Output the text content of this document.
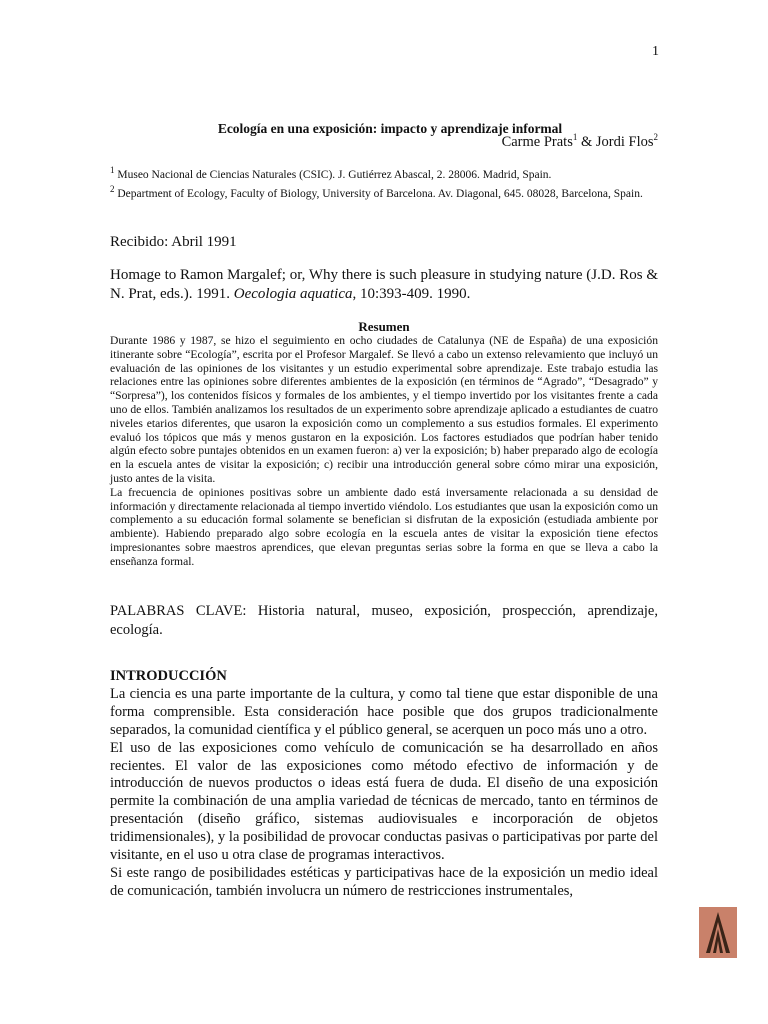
1
Ecología en una exposición: impacto y aprendizaje informal
Carme Prats$^1$ & Jordi Flos$^2$
$^1$ Museo Nacional de Ciencias Naturales (CSIC). J. Gutiérrez Abascal, 2. 28006. Madrid, Spain.
$^2$ Department of Ecology, Faculty of Biology, University of Barcelona. Av. Diagonal, 645. 08028, Barcelona, Spain.
Recibido: Abril 1991
Homage to Ramon Margalef; or, Why there is such pleasure in studying nature (J.D. Ros & N. Prat, eds.). 1991. Oecologia aquatica, 10:393-409. 1990.
Resumen

Durante 1986 y 1987, se hizo el seguimiento en ocho ciudades de Catalunya (NE de España) de una exposición itinerante sobre “Ecología”, escrita por el Profesor Margalef. Se llevó a cabo un extenso relevamiento que incluyó un evaluación de las opiniones de los visitantes y un estudio experimental sobre aprendizaje. Este trabajo estudia las relaciones entre las opiniones sobre diferentes ambientes de la exposición (en términos de “Agrado”, “Desagrado” y “Sorpresa”), los contenidos físicos y formales de los ambientes, y el tiempo invertido por los visitantes frente a cada uno de ellos. También analizamos los resultados de un experimento sobre aprendizaje aplicado a estudiantes de cuatro niveles etarios diferentes, que usaron la exposición como un complemento a sus estudios formales. El experimento evaluó los tópicos que más y menos gustaron en la exposición. Los factores estudiados que podrían haber tenido algún efecto sobre puntajes obtenidos en un examen fueron: a) ver la exposición; b) haber preparado algo de ecología en la escuela antes de visitar la exposición; c) recibir una introducción general sobre cómo mirar una exposición, justo antes de la visita.

La frecuencia de opiniones positivas sobre un ambiente dado está inversamente relacionada a su densidad de información y directamente relacionada al tiempo invertido viéndolo. Los estudiantes que usan la exposición como un complemento a su educación formal solamente se benefician si disfrutan de la exposición (estudiada ambiente por ambiente). Habiendo preparado algo sobre ecología en la escuela antes de visitar la exposición tiene efectos impresionantes sobre maestros aprendices, que elevan preguntas serias sobre la forma en que se lleva a cabo la enseñanza formal.

PALABRAS CLAVE: Historia natural, museo, exposición, prospección, aprendizaje, ecología.
INTRODUCCIÓN

La ciencia es una parte importante de la cultura, y como tal tiene que estar disponible de una forma comprensible. Esta consideración hace posible que dos grupos tradicionalmente separados, la comunidad científica y el público general, se acerquen un poco más uno a otro.

El uso de las exposiciones como vehículo de comunicación se ha desarrollado en años recientes. El valor de las exposiciones como método efectivo de información y de introducción de nuevos productos o ideas está fuera de duda. El diseño de una exposición permite la combinación de una amplia variedad de técnicas de mercado, tanto en términos de presentación (diseño gráfico, sistemas audiovisuales e incorporación de objetos tridimensionales), y la posibilidad de provocar conductas pasivas o participativas por parte del visitante, en el uso u otra clase de programas interactivos.

Si este rango de posibilidades estéticas y participativas hace de la exposición un medio ideal de comunicación, también involucra un número de restricciones instrumentales,
